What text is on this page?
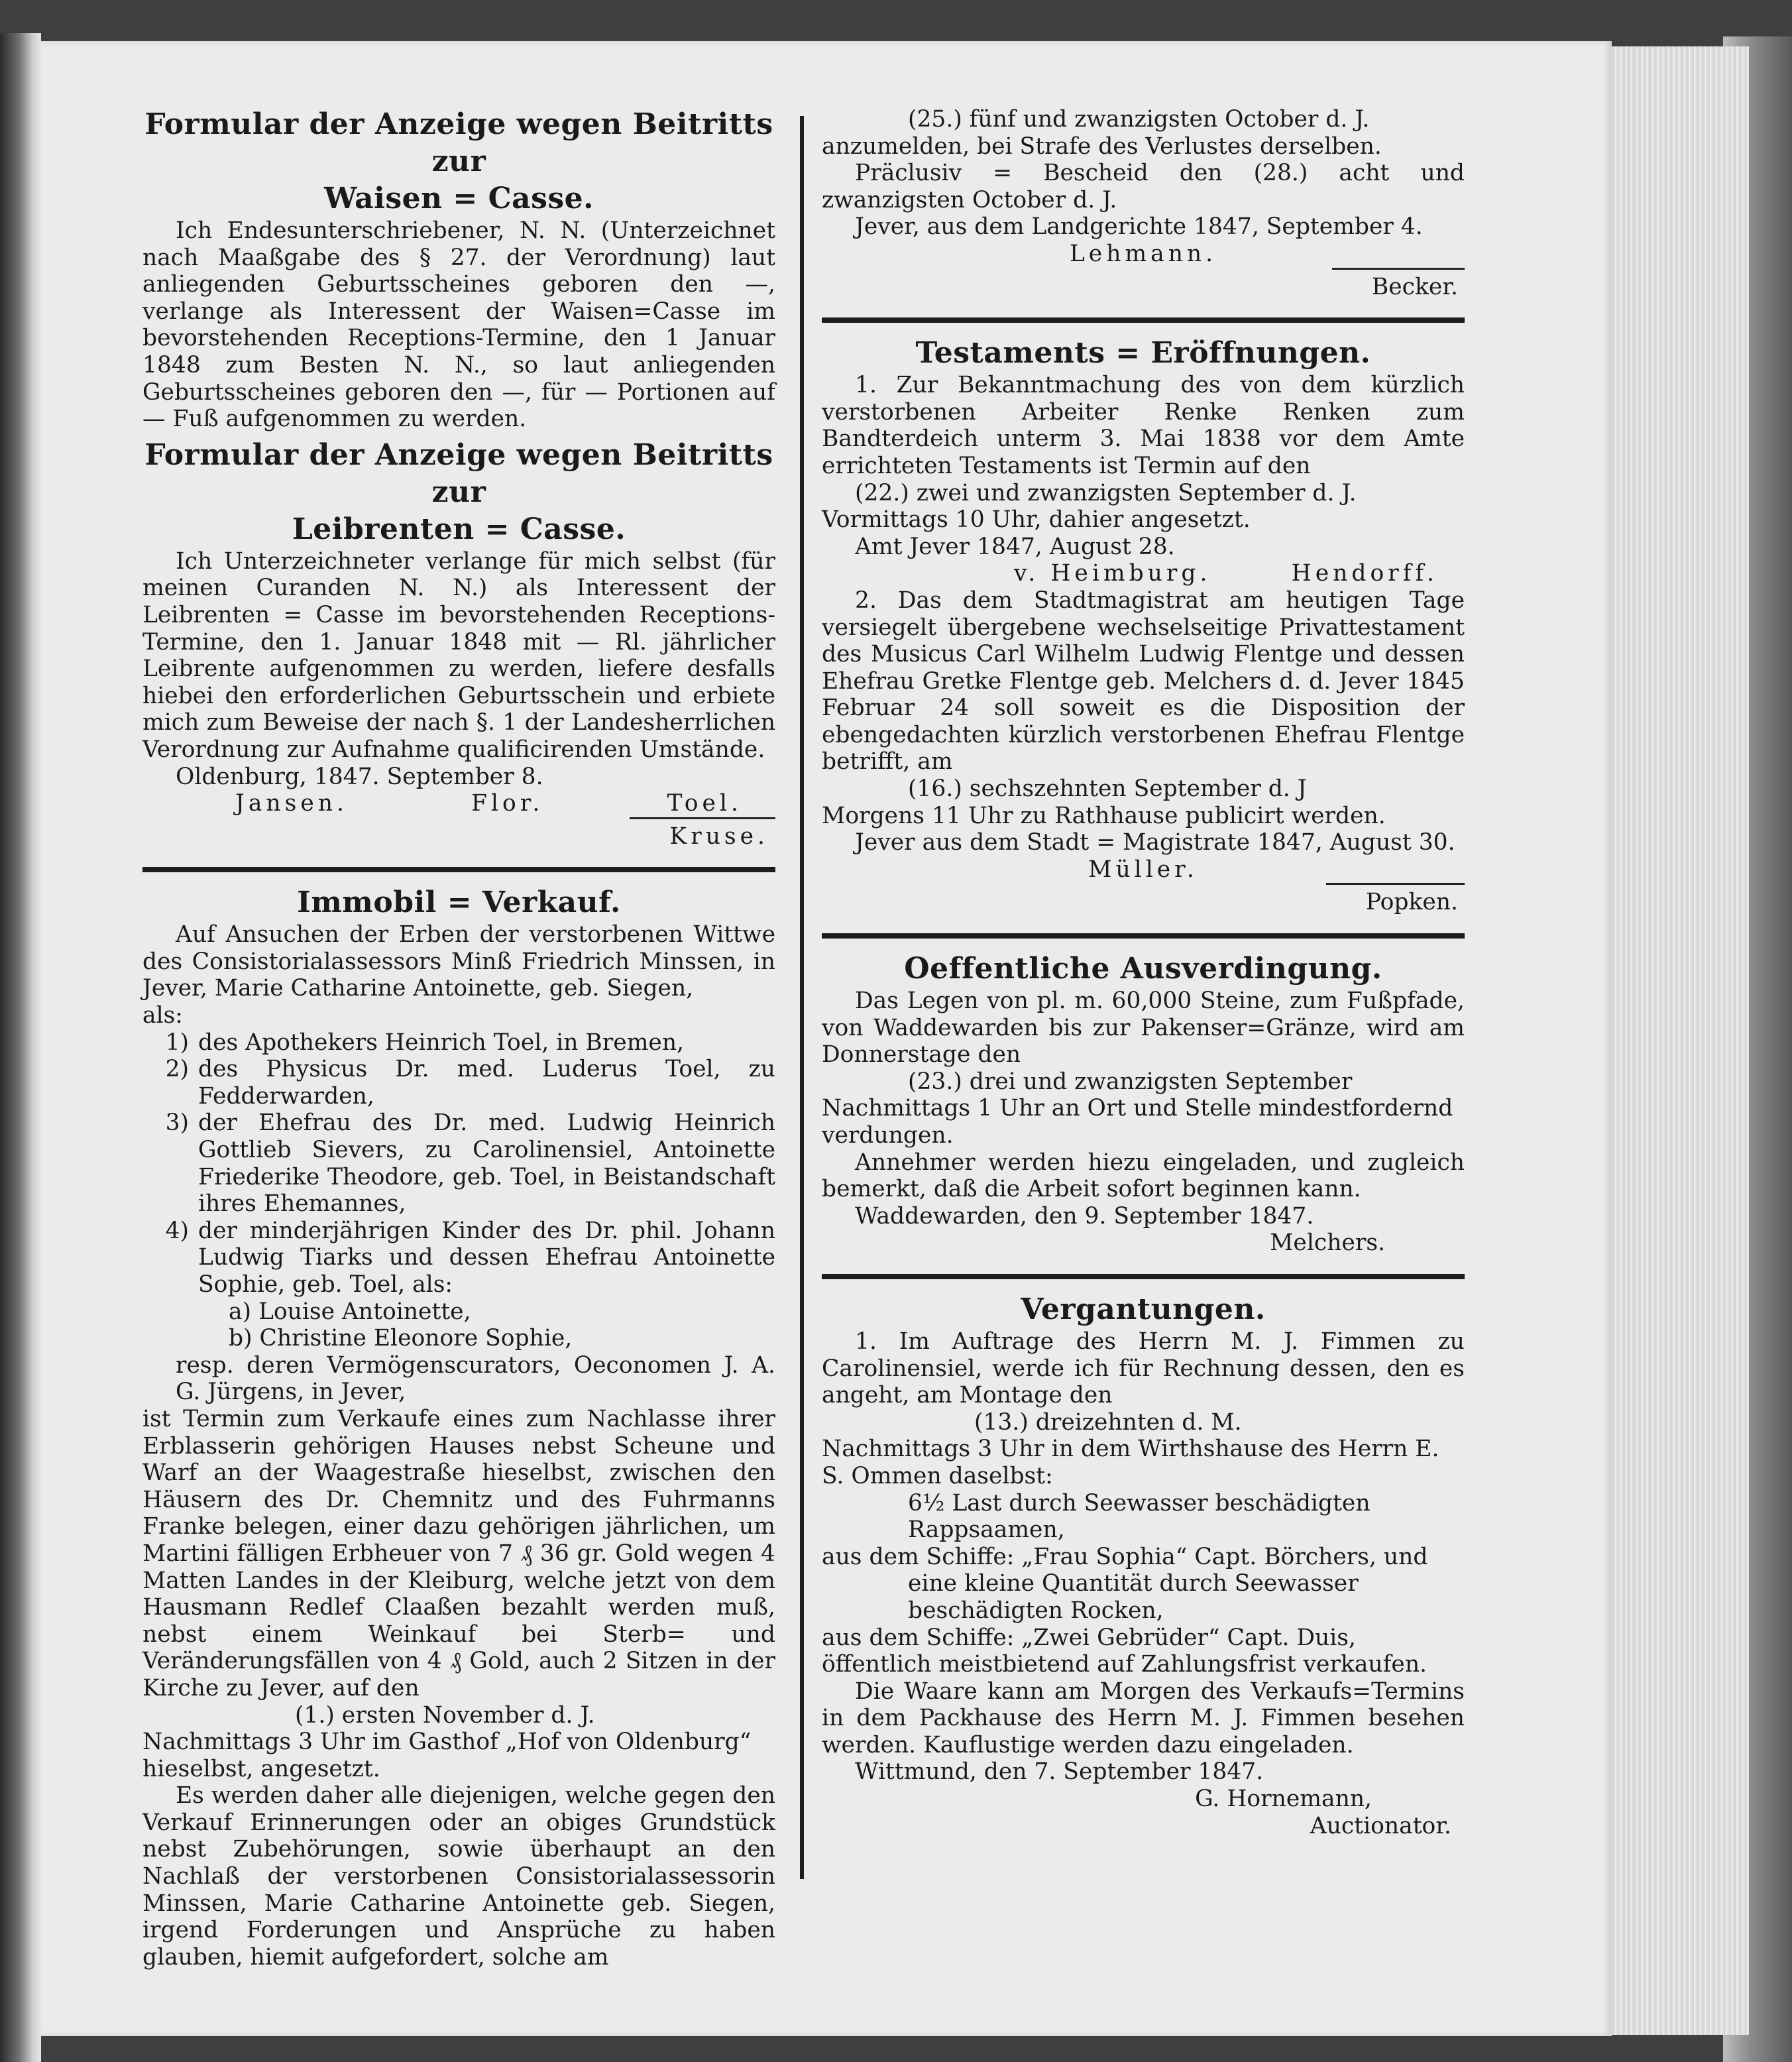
Formular der Anzeige wegen Beitritts zur
Waisen = Casse.

Ich Endesunterschriebener, N. N. (Unterzeichnet nach Maaßgabe des § 27. der Verordnung) laut anliegenden Geburtsscheines geboren den —, verlange als Interessent der Waisen=Casse im bevorstehenden Receptions-Termine, den 1 Januar 1848 zum Besten N. N., so laut anliegenden Geburtsscheines geboren den —, für — Portionen auf — Fuß aufgenommen zu werden.

Formular der Anzeige wegen Beitritts zur
Leibrenten = Casse.

Ich Unterzeichneter verlange für mich selbst (für meinen Curanden N. N.) als Interessent der Leibrenten = Casse im bevorstehenden Receptions-Termine, den 1. Januar 1848 mit — Rl. jährlicher Leibrente aufgenommen zu werden, liefere desfalls hiebei den erforderlichen Geburtsschein und erbiete mich zum Beweise der nach §. 1 der Landesherrlichen Verordnung zur Aufnahme qualificirenden Umstände.

Oldenburg, 1847. September 8.

Jansen.	Flor.	Toel.
Kruse.
Immobil = Verkauf.

Auf Ansuchen der Erben der verstorbenen Wittwe des Consistorialassessors Minß Friedrich Minssen, in Jever, Marie Catharine Antoinette, geb. Siegen,

als:

1) des Apothekers Heinrich Toel, in Bremen,
2) des Physicus Dr. med. Luderus Toel, zu Fedderwarden,
3) der Ehefrau des Dr. med. Ludwig Heinrich Gottlieb Sievers, zu Carolinensiel, Antoinette Friederike Theodore, geb. Toel, in Beistandschaft ihres Ehemannes,
4) der minderjährigen Kinder des Dr. phil. Johann Ludwig Tiarks und dessen Ehefrau Antoinette Sophie, geb. Toel, als:

a) Louise Antoinette,

b) Christine Eleonore Sophie,

resp. deren Vermögenscurators, Oeconomen J. A. G. Jürgens, in Jever,

ist Termin zum Verkaufe eines zum Nachlasse ihrer Erblasserin gehörigen Hauses nebst Scheune und Warf an der Waagestraße hieselbst, zwischen den Häusern des Dr. Chemnitz und des Fuhrmanns Franke belegen, einer dazu gehörigen jährlichen, um Martini fälligen Erbheuer von 7 ₰ 36 gr. Gold wegen 4 Matten Landes in der Kleiburg, welche jetzt von dem Hausmann Redlef Claaßen bezahlt werden muß, nebst einem Weinkauf bei Sterb= und Veränderungsfällen von 4 ₰ Gold, auch 2 Sitzen in der Kirche zu Jever, auf den

(1.) ersten November d. J.

Nachmittags 3 Uhr im Gasthof „Hof von Oldenburg“ hieselbst, angesetzt.

Es werden daher alle diejenigen, welche gegen den Verkauf Erinnerungen oder an obiges Grundstück nebst Zubehörungen, sowie überhaupt an den Nachlaß der verstorbenen Consistorialassessorin Minssen, Marie Catharine Antoinette geb. Siegen, irgend Forderungen und Ansprüche zu haben glauben, hiemit aufgefordert, solche am

(25.) fünf und zwanzigsten October d. J.

anzumelden, bei Strafe des Verlustes derselben.

Präclusiv = Bescheid den (28.) acht und zwanzigsten October d. J.

Jever, aus dem Landgerichte 1847, September 4.

Lehmann.

Becker.
Testaments = Eröffnungen.

1. Zur Bekanntmachung des von dem kürzlich verstorbenen Arbeiter Renke Renken zum Bandterdeich unterm 3. Mai 1838 vor dem Amte errichteten Testaments ist Termin auf den

(22.) zwei und zwanzigsten September d. J.

Vormittags 10 Uhr, dahier angesetzt.

Amt Jever 1847, August 28.

v. Heimburg.	Hendorff.

2. Das dem Stadtmagistrat am heutigen Tage versiegelt übergebene wechselseitige Privattestament des Musicus Carl Wilhelm Ludwig Flentge und dessen Ehefrau Gretke Flentge geb. Melchers d. d. Jever 1845 Februar 24 soll soweit es die Disposition der ebengedachten kürzlich verstorbenen Ehefrau Flentge betrifft, am

(16.) sechszehnten September d. J

Morgens 11 Uhr zu Rathhause publicirt werden.

Jever aus dem Stadt = Magistrate 1847, August 30.

Müller.

Popken.
Oeffentliche Ausverdingung.

Das Legen von pl. m. 60,000 Steine, zum Fußpfade, von Waddewarden bis zur Pakenser=Gränze, wird am Donnerstage den

(23.) drei und zwanzigsten September

Nachmittags 1 Uhr an Ort und Stelle mindestfordernd verdungen.

Annehmer werden hiezu eingeladen, und zugleich bemerkt, daß die Arbeit sofort beginnen kann.

Waddewarden, den 9. September 1847.

Melchers.

Vergantungen.

1. Im Auftrage des Herrn M. J. Fimmen zu Carolinensiel, werde ich für Rechnung dessen, den es angeht, am Montage den

(13.) dreizehnten d. M.

Nachmittags 3 Uhr in dem Wirthshause des Herrn E. S. Ommen daselbst:

6½ Last durch Seewasser beschädigten Rappsaamen,

aus dem Schiffe: „Frau Sophia“ Capt. Börchers, und

eine kleine Quantität durch Seewasser beschädigten Rocken,

aus dem Schiffe: „Zwei Gebrüder“ Capt. Duis, öffentlich meistbietend auf Zahlungsfrist verkaufen.

Die Waare kann am Morgen des Verkaufs=Termins in dem Packhause des Herrn M. J. Fimmen besehen werden. Kauflustige werden dazu eingeladen.

Wittmund, den 7. September 1847.

G. Hornemann,

Auctionator.
